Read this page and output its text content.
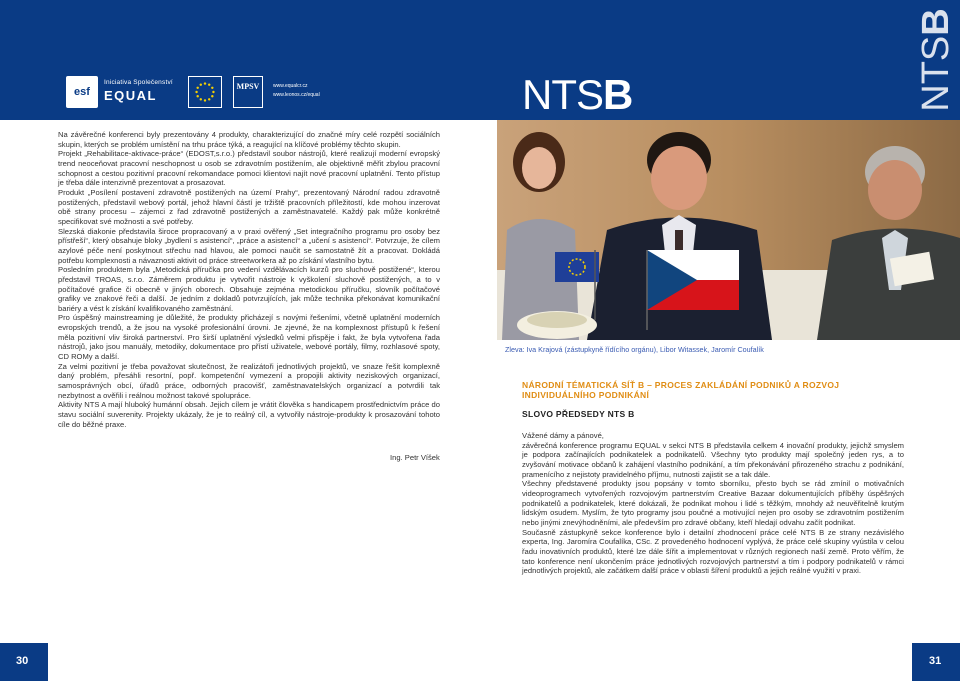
esf
Iniciativa Společenství
EQUAL
MPSV	www.equalcr.cz
www.leonos.cz/equal	NTSB	NTSB

Na závěrečné konferenci byly prezentovány 4 produkty, charakterizující do značné míry celé rozpětí sociálních skupin, kterých se problém umístění na trhu práce týká, a reagující na klíčové problémy těchto skupin.

Projekt „Rehabilitace-aktivace-práce“ (EDOST,s.r.o.) představil soubor nástrojů, které realizují moderní evropský trend neoceňovat pracovní neschopnost u osob se zdravotním postižením, ale objektivně měřit zbylou pracovní schopnost a cestou pozitivní pracovní rekomandace pomoci klientovi najít nové pracovní uplatnění. Tento přístup je třeba dále intenzivně prezentovat a prosazovat.

Produkt „Posílení postavení zdravotně postižených na území Prahy“, prezentovaný Národní radou zdravotně postižených, představil webový portál, jehož hlavní částí je tržiště pracovních příležitostí, kde mohou inzerovat obě strany procesu – zájemci z řad zdravotně postižených a zaměstnavatelé. Každý pak může konkrétně specifikovat své možnosti a své potřeby.

Slezská diakonie představila široce propracovaný a v praxi ověřený „Set integračního programu pro osoby bez přístřeší“, který obsahuje bloky „bydlení s asistencí“, „práce a asistencí“ a „učení s asistencí“. Potvrzuje, že cílem azylové péče není poskytnout střechu nad hlavou, ale pomoci naučit se samostatně žít a pracovat. Dokládá potřebu komplexnosti a návaznosti aktivit od práce streetworkera až po získání vlastního bytu.

Posledním produktem byla „Metodická příručka pro vedení vzdělávacích kurzů pro sluchově postižené“, kterou představil TROAS, s.r.o. Záměrem produktu je vytvořit nástroje k vyškolení sluchově postižených, a to v počítačové grafice či obecně v jiných oborech. Obsahuje zejména metodickou příručku, slovník počítačové grafiky ve znakové řeči a další. Je jedním z dokladů potvrzujících, jak může technika překonávat komunikační bariéry a vést k získání kvalifikovaného zaměstnání.

Pro úspěšný mainstreaming je důležité, že produkty přicházejí s novými řešeními, včetně uplatnění moderních evropských trendů, a že jsou na vysoké profesionální úrovni. Je zjevné, že na komplexnost přístupů k řešení měla pozitivní vliv široká partnerství. Pro širší uplatnění výsledků velmi přispěje i fakt, že byla vytvořena řada nástrojů, jako jsou manuály, metodiky, dokumentace pro přístí uživatele, webové portály, filmy, rozhlasové spoty, CD ROMy a další.

Za velmi pozitivní je třeba považovat skutečnost, že realizátoři jednotlivých projektů, ve snaze řešit komplexně daný problém, přesáhli resortní, popř. kompetenční vymezení a propojili aktivity neziskových organizací, samosprávných obcí, úřadů práce, odborných pracovišť, zaměstnavatelských organizací a potvrdili tak nezbytnost a ověřili i reálnou možnost takové spolupráce.

Aktivity NTS A mají hluboký humánní obsah. Jejich cílem je vrátit člověka s handicapem prostřednictvím práce do stavu sociální suverenity. Projekty ukázaly, že je to reálný cíl, a vytvořily nástroje-produkty k prosazování tohoto cíle do běžné praxe.

Ing. Petr Víšek
Zleva: Iva Krajová (zástupkyně řídícího orgánu), Libor Witassek, Jaromír Coufalík
NÁRODNÍ TÉMATICKÁ SÍŤ B – PROCES ZAKLÁDÁNÍ PODNIKŮ A ROZVOJ INDIVIDUÁLNÍHO PODNIKÁNÍ
SLOVO PŘEDSEDY NTS B

Vážené dámy a pánové,

závěrečná konference programu EQUAL v sekci NTS B představila celkem 4 inovační produkty, jejichž smyslem je podpora začínajících podnikatelek a podnikatelů. Všechny tyto produkty mají společný jeden rys, a to zvyšování motivace občanů k zahájení vlastního podnikání, a tím překonávání přirozeného strachu z podnikání, pramenícího z nejistoty pravidelného příjmu, nutnosti zajistit se a tak dále.

Všechny představené produkty jsou popsány v tomto sborníku, přesto bych se rád zmínil o motivačních videoprogramech vytvořených rozvojovým partnerstvím Creative Bazaar dokumentujících příběhy úspěšných podnikatelů a podnikatelek, které dokázali, že podnikat mohou i lidé s těžkým, mnohdy až neuvěřitelně krutým lidským osudem. Myslím, že tyto programy jsou poučné a motivující nejen pro osoby se zdravotním postižením nebo jinými znevýhodněními, ale především pro zdravé občany, kteří hledají odvahu začít podnikat.

Současně zástupkyně sekce konference bylo i detailní zhodnocení práce celé NTS B ze strany nezávislého experta, Ing. Jaromíra Coufalíka, CSc. Z provedeného hodnocení vyplývá, že práce celé skupiny vyústila v celou řadu inovativních produktů, které lze dále šířit a implementovat v různých regionech naší země. Proto věřím, že tato konference není ukončením práce jednotlivých rozvojových partnerství a tím i podpory podnikatelů v rámci jednotlivých projektů, ale začátkem další práce v oblasti šíření produktů a jejich reálné využití v praxi.

30	31
